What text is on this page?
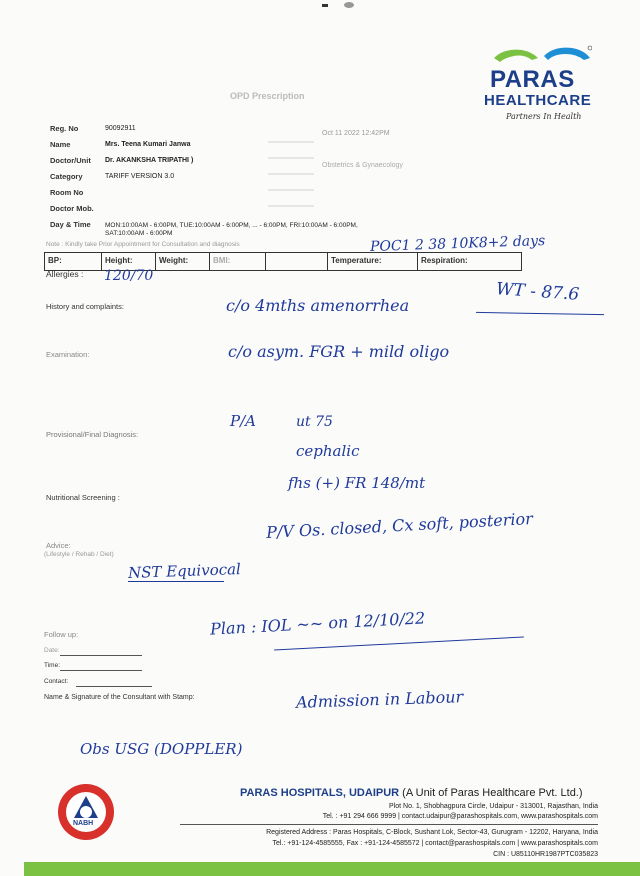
PARAS
HEALTHCARE
Partners In Health
OPD Prescription
Reg. No	90092911
Name	Mrs. Teena Kumari Janwa
Doctor/Unit Dr. AKANKSHA TRIPATHI )
Category	TARIFF VERSION 3.0
Room No
Doctor Mob.
Day & Time MON:10:00AM - 6:00PM, TUE:10:00AM - 6:00PM, ... - 6:00PM, FRI:10:00AM - 6:00PM,
SAT:10:00AM - 6:00PM
Note : Kindly take Prior Appointment for Consultation and diagnosis
Oct 11 2022 12:42PM
Obstetrics & Gynaecology
BP:	Height:	Weight:	BMI:	Temperature:	Respiration:
Allergies :
History and complaints:
Examination:
Provisional/Final Diagnosis:
Nutritional Screening :
Advice:
(Lifestyle / Rehab / Diet)
Follow up:
Date:
Time:
Contact:
Name & Signature of the Consultant with Stamp:
POC1 2 38 10K8+2 days
120/70
WT - 87.6
c/o 4mths amenorrhea
c/o asym. FGR + mild oligo
P/A	ut 75
cephalic
fhs (+) FR 148/mt
P/V Os. closed, Cx soft, posterior
NST Equivocal
Plan : IOL ~~ on 12/10/22
Admission in Labour
Obs USG (DOPPLER)
NABH
PARAS HOSPITALS, UDAIPUR (A Unit of Paras Healthcare Pvt. Ltd.)
Plot No. 1, Shobhagpura Circle, Udaipur - 313001, Rajasthan, India
Tel. : +91 294 666 9999 | contact.udaipur@parashospitals.com, www.parashospitals.com
Registered Address : Paras Hospitals, C-Block, Sushant Lok, Sector-43, Gurugram - 12202, Haryana, India
Tel.: +91-124-4585555, Fax : +91-124-4585572 | contact@parashospitals.com | www.parashospitals.com
CIN : U85110HR1987PTC035823
